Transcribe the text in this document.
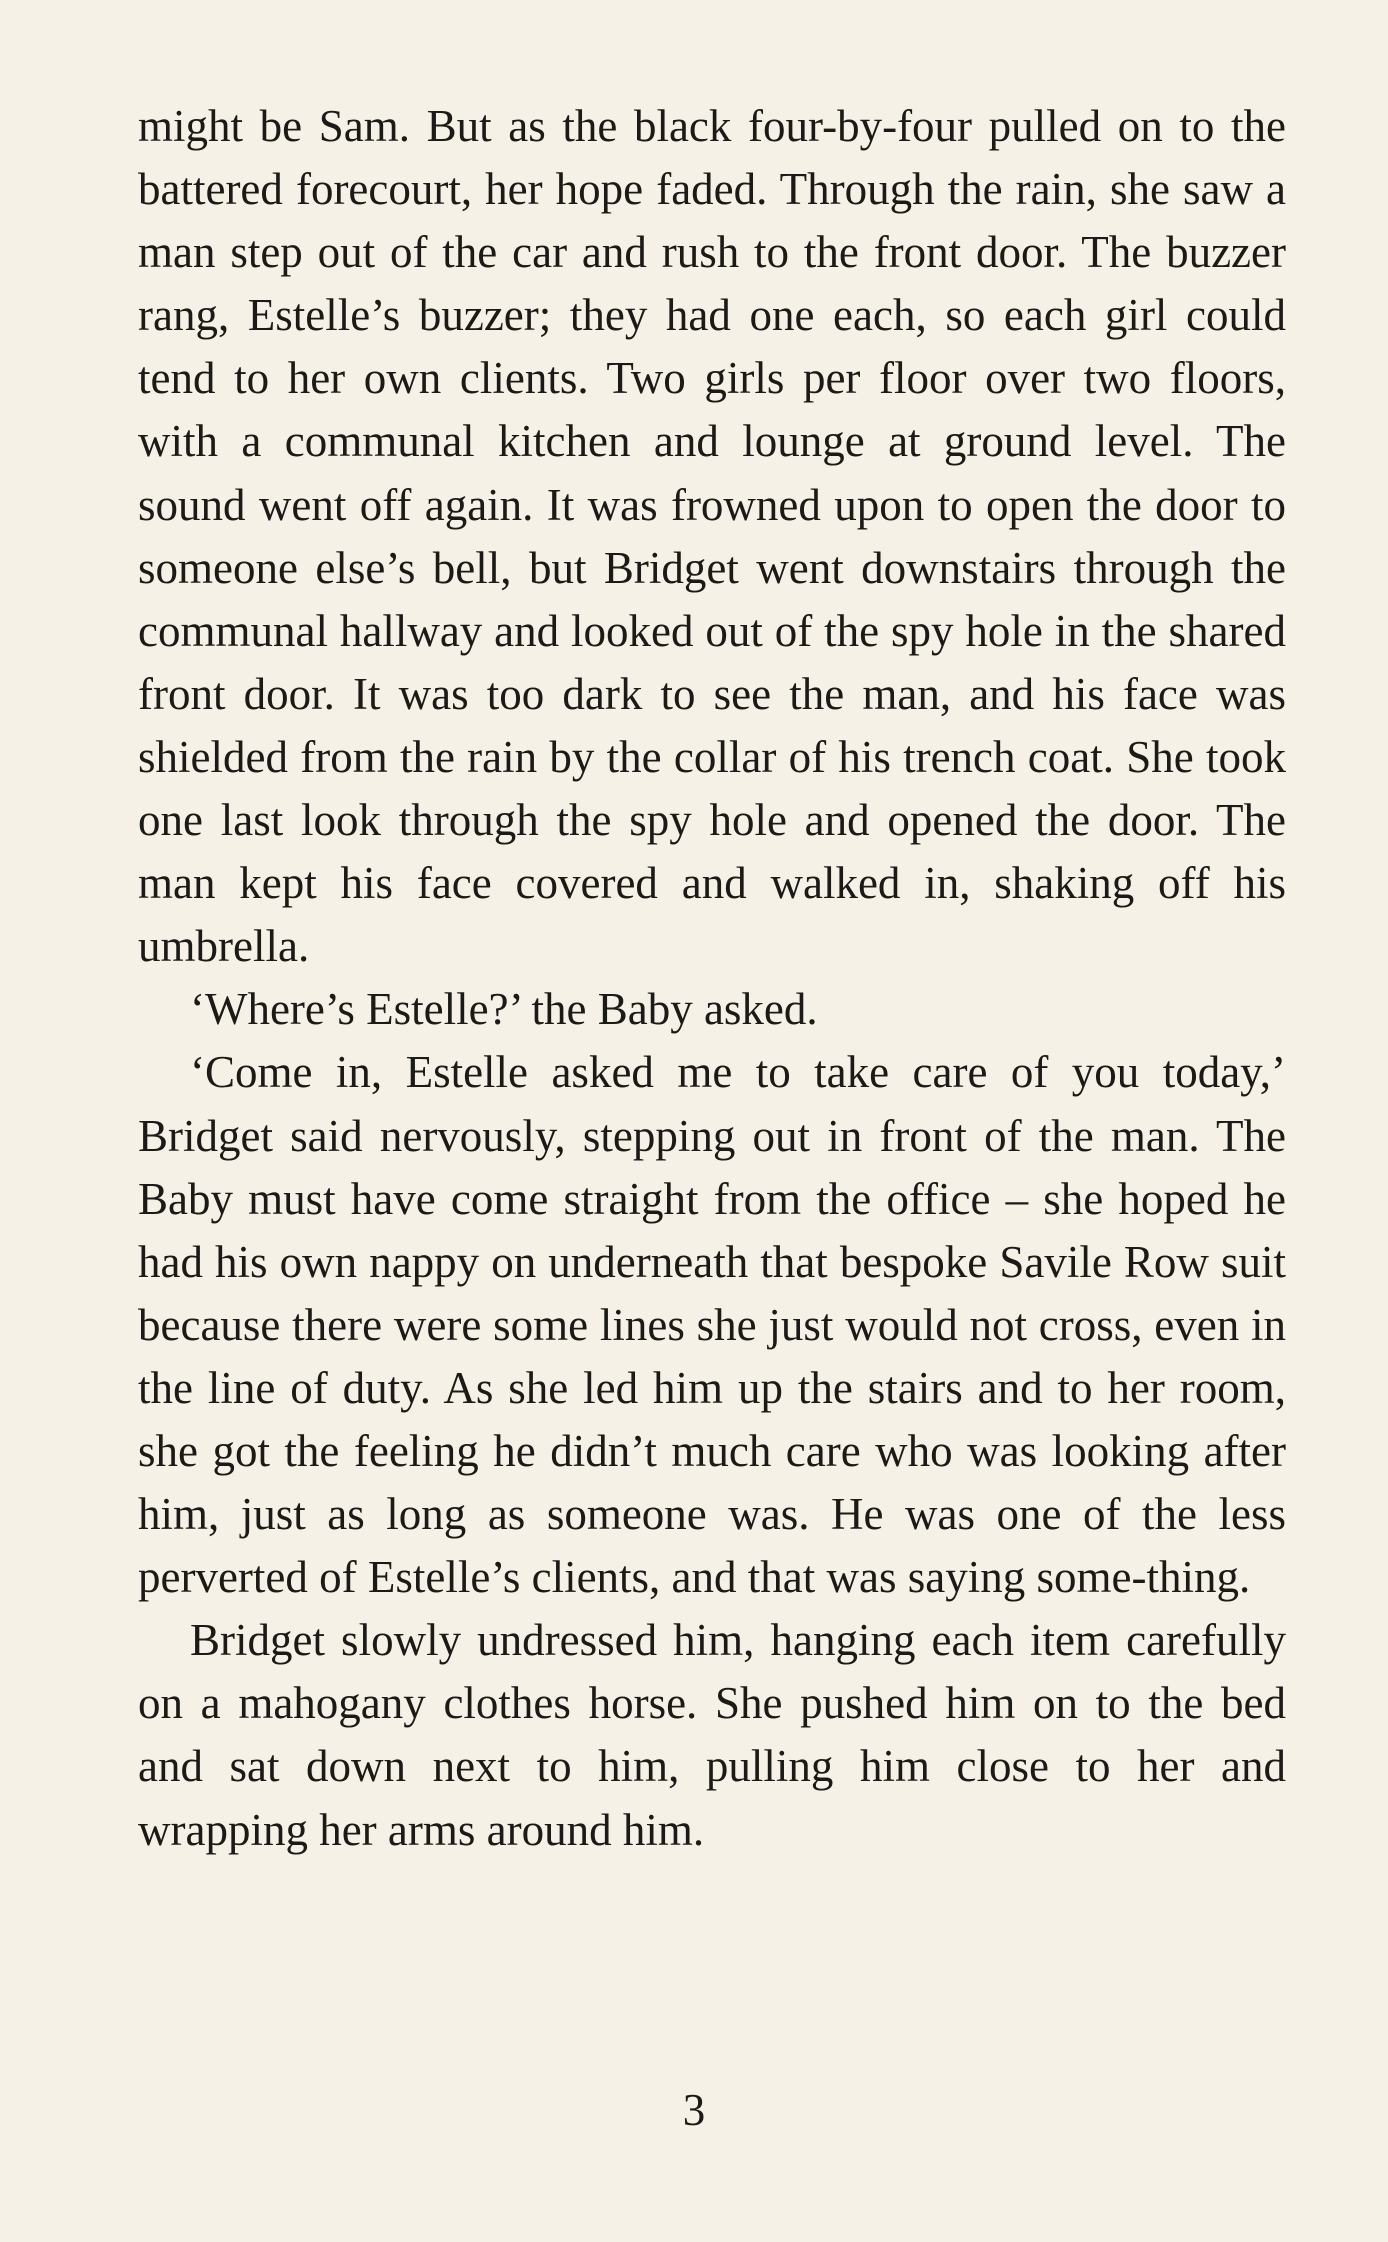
might be Sam. But as the black four-by-four pulled on to the battered forecourt, her hope faded. Through the rain, she saw a man step out of the car and rush to the front door. The buzzer rang, Estelle’s buzzer; they had one each, so each girl could tend to her own clients. Two girls per floor over two floors, with a communal kitchen and lounge at ground level. The sound went off again. It was frowned upon to open the door to someone else’s bell, but Bridget went downstairs through the communal hallway and looked out of the spy hole in the shared front door. It was too dark to see the man, and his face was shielded from the rain by the collar of his trench coat. She took one last look through the spy hole and opened the door. The man kept his face covered and walked in, shaking off his umbrella.

‘Where’s Estelle?’ the Baby asked.

‘Come in, Estelle asked me to take care of you today,’ Bridget said nervously, stepping out in front of the man. The Baby must have come straight from the office – she hoped he had his own nappy on underneath that bespoke Savile Row suit because there were some lines she just would not cross, even in the line of duty. As she led him up the stairs and to her room, she got the feeling he didn’t much care who was looking after him, just as long as someone was. He was one of the less perverted of Estelle’s clients, and that was saying some-thing.

Bridget slowly undressed him, hanging each item carefully on a mahogany clothes horse. She pushed him on to the bed and sat down next to him, pulling him close to her and wrapping her arms around him.

3
